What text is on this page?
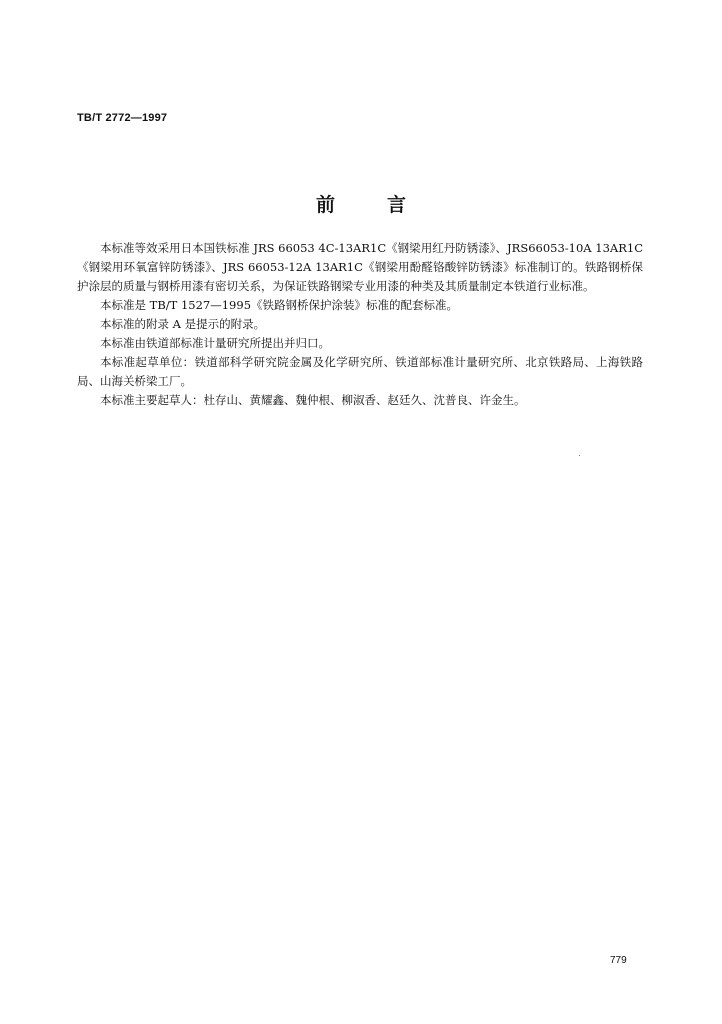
TB/T 2772—1997
前言

本标准等效采用日本国铁标准 JRS 66053 4C-13AR1C《钢梁用红丹防锈漆》、JRS66053-10A 13AR1C《钢梁用环氧富锌防锈漆》、JRS 66053-12A 13AR1C《钢梁用酚醛铬酸锌防锈漆》标准制订的。铁路钢桥保护涂层的质量与钢桥用漆有密切关系，为保证铁路钢梁专业用漆的种类及其质量制定本铁道行业标准。

本标准是 TB/T 1527—1995《铁路钢桥保护涂装》标准的配套标准。

本标准的附录 A 是提示的附录。

本标准由铁道部标准计量研究所提出并归口。

本标准起草单位：铁道部科学研究院金属及化学研究所、铁道部标准计量研究所、北京铁路局、上海铁路局、山海关桥梁工厂。

本标准主要起草人：杜存山、黄耀鑫、魏仲根、柳淑香、赵廷久、沈普良、许金生。

779
